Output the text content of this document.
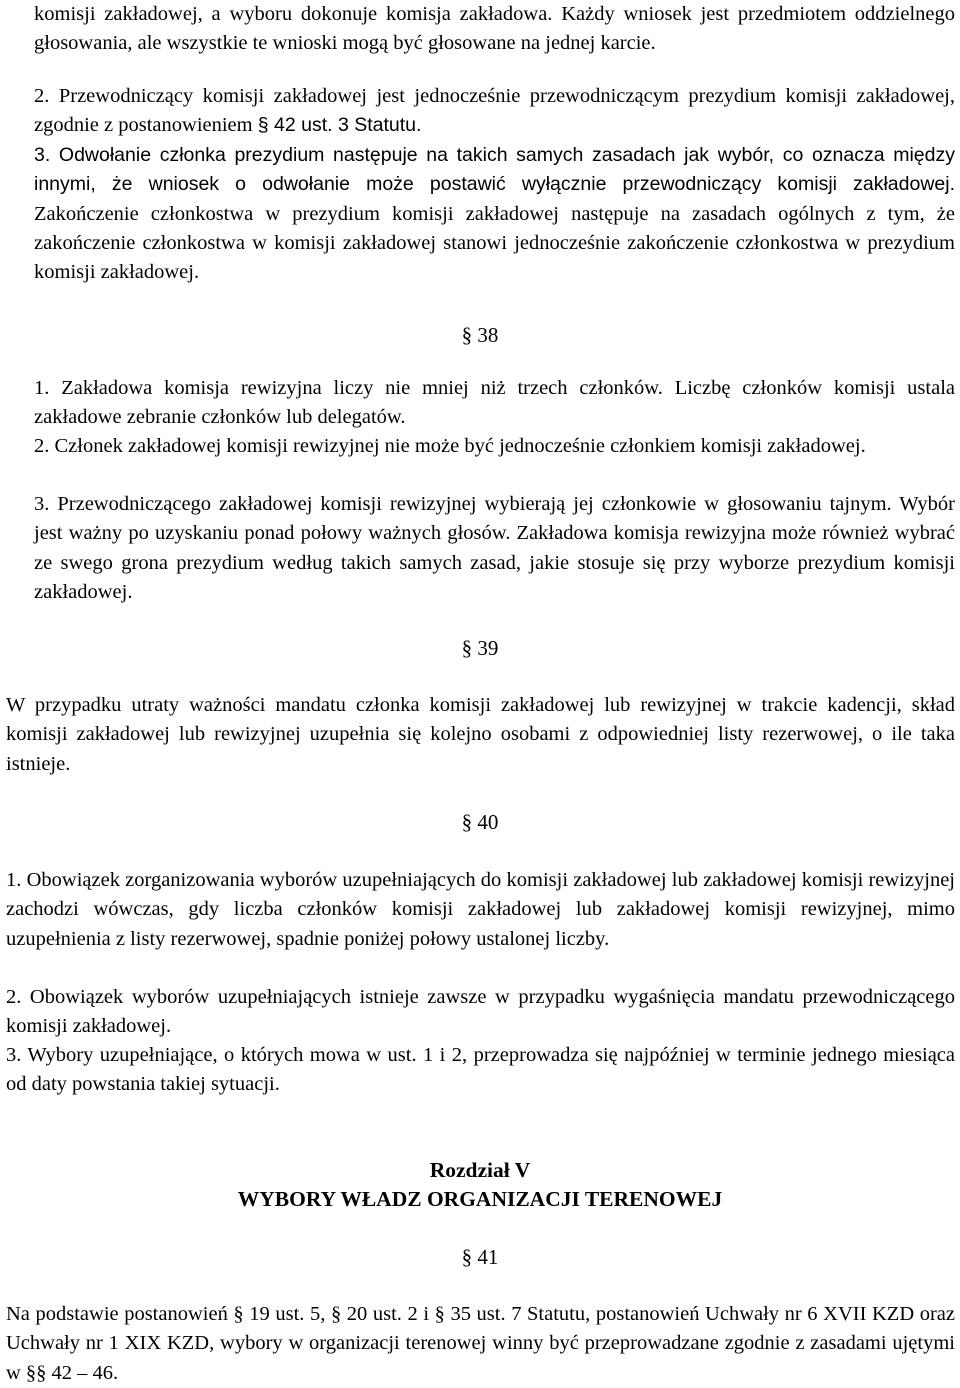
komisji zakładowej, a wyboru dokonuje komisja zakładowa. Każdy wniosek jest przedmiotem oddzielnego głosowania, ale wszystkie te wnioski mogą być głosowane na jednej karcie.

2. Przewodniczący komisji zakładowej jest jednocześnie przewodniczącym prezydium komisji zakładowej, zgodnie z postanowieniem § 42 ust. 3 Statutu.

3. Odwołanie członka prezydium następuje na takich samych zasadach jak wybór, co oznacza między innymi, że wniosek o odwołanie może postawić wyłącznie przewodniczący komisji zakładowej. Zakończenie członkostwa w prezydium komisji zakładowej następuje na zasadach ogólnych z tym, że zakończenie członkostwa w komisji zakładowej stanowi jednocześnie zakończenie członkostwa w prezydium komisji zakładowej.

§ 38

1. Zakładowa komisja rewizyjna liczy nie mniej niż trzech członków. Liczbę członków komisji ustala zakładowe zebranie członków lub delegatów.

2. Członek zakładowej komisji rewizyjnej nie może być jednocześnie członkiem komisji zakładowej.

3. Przewodniczącego zakładowej komisji rewizyjnej wybierają jej członkowie w głosowaniu tajnym. Wybór jest ważny po uzyskaniu ponad połowy ważnych głosów. Zakładowa komisja rewizyjna może również wybrać ze swego grona prezydium według takich samych zasad, jakie stosuje się przy wyborze prezydium komisji zakładowej.

§ 39

W przypadku utraty ważności mandatu członka komisji zakładowej lub rewizyjnej w trakcie kadencji, skład komisji zakładowej lub rewizyjnej uzupełnia się kolejno osobami z odpowiedniej listy rezerwowej, o ile taka istnieje.

§ 40

1. Obowiązek zorganizowania wyborów uzupełniających do komisji zakładowej lub zakładowej komisji rewizyjnej zachodzi wówczas, gdy liczba członków komisji zakładowej lub zakładowej komisji rewizyjnej, mimo uzupełnienia z listy rezerwowej, spadnie poniżej połowy ustalonej liczby.

2. Obowiązek wyborów uzupełniających istnieje zawsze w przypadku wygaśnięcia mandatu przewodniczącego komisji zakładowej.

3. Wybory uzupełniające, o których mowa w ust. 1 i 2, przeprowadza się najpóźniej w terminie jednego miesiąca od daty powstania takiej sytuacji.

Rozdział V

WYBORY WŁADZ ORGANIZACJI TERENOWEJ

§ 41

Na podstawie postanowień § 19 ust. 5, § 20 ust. 2 i § 35 ust. 7 Statutu, postanowień Uchwały nr 6 XVII KZD oraz Uchwały nr 1 XIX KZD, wybory w organizacji terenowej winny być przeprowadzane zgodnie z zasadami ujętymi w §§ 42 – 46.
